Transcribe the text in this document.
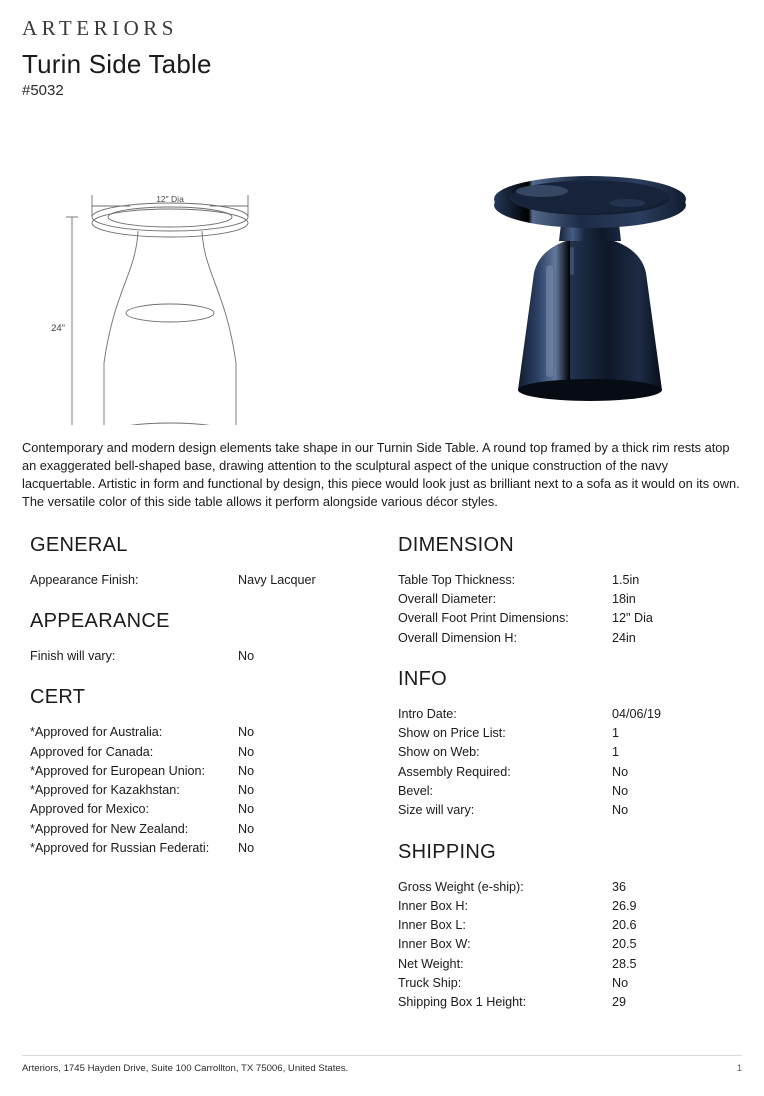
ARTERIORS
Turin Side Table
#5032
12" Dia
24”

Contemporary and modern design elements take shape in our Turnin Side Table. A round top framed by a thick rim rests atop an exaggerated bell-shaped base, drawing attention to the sculptural aspect of the unique construction of the navy lacquertable. Artistic in form and functional by design, this piece would look just as brilliant next to a sofa as it would on its own. The versatile color of this side table allows it perform alongside various décor styles.

GENERAL
Appearance Finish:	Navy Lacquer
APPEARANCE
Finish will vary:	No
CERT
*Approved for Australia:	No
Approved for Canada:	No
*Approved for European Union:	No
*Approved for Kazakhstan:	No
Approved for Mexico:	No
*Approved for New Zealand:	No
*Approved for Russian Federati:	No
DIMENSION
Table Top Thickness:	1.5in
Overall Diameter:	18in
Overall Foot Print Dimensions:	12" Dia
Overall Dimension H:	24in
INFO
Intro Date:	04/06/19
Show on Price List:	1
Show on Web:	1
Assembly Required:	No
Bevel:	No
Size will vary:	No
SHIPPING
Gross Weight (e-ship):	36
Inner Box H:	26.9
Inner Box L:	20.6
Inner Box W:	20.5
Net Weight:	28.5
Truck Ship:	No
Shipping Box 1 Height:	29
Arteriors, 1745 Hayden Drive, Suite 100 Carrollton, TX 75006, United States.	1
